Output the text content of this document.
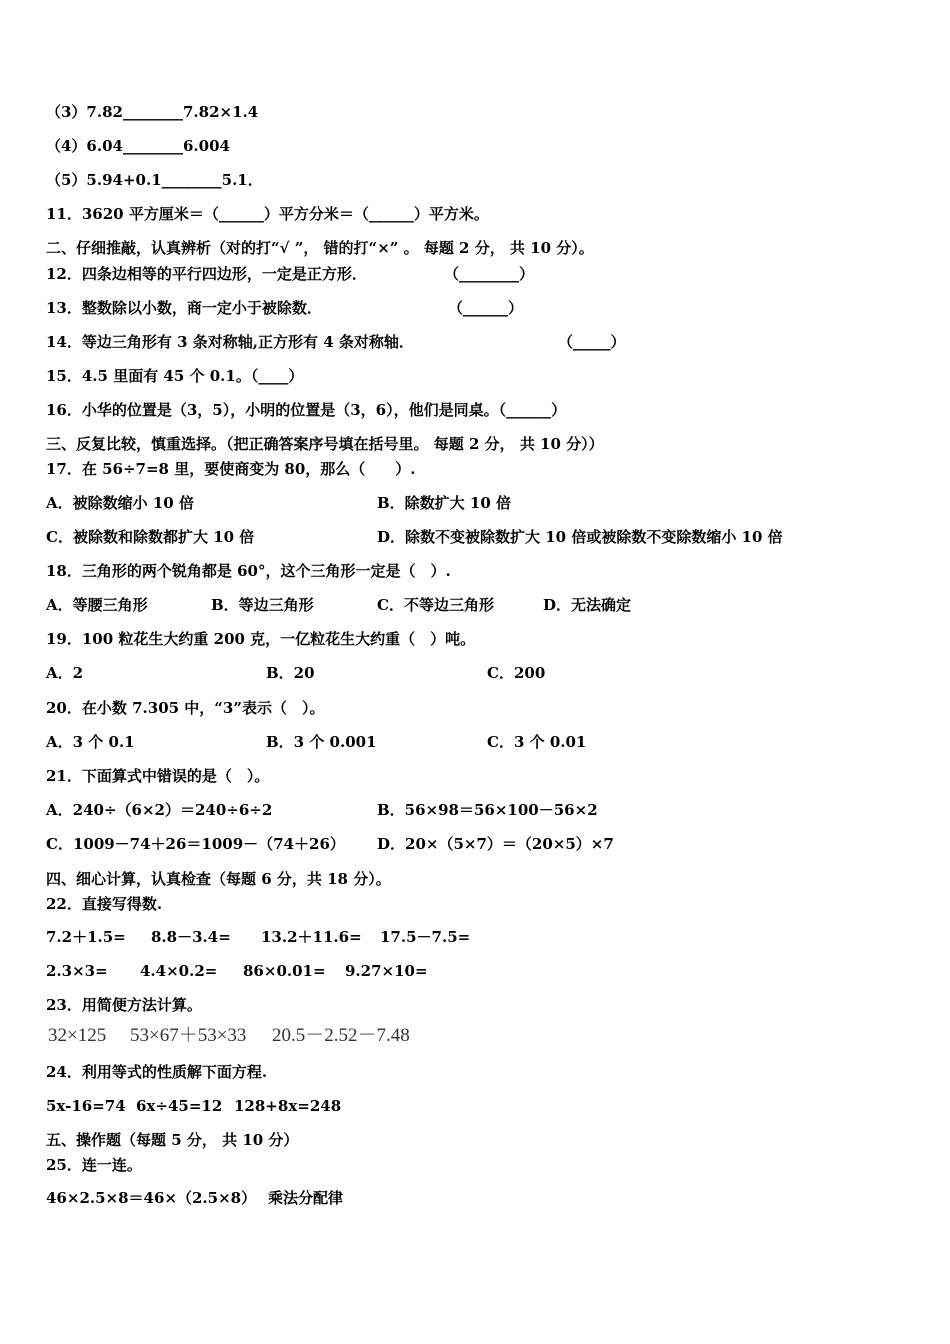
（3）7.82________7.82×1.4
（4）6.04________6.004
（5）5.94+0.1________5.1．
11．3620 平方厘米＝（______）平方分米＝（______）平方米。
二、仔细推敲，认真辨析（对的打“√ ”， 错的打“×” 。 每题 2 分， 共 10 分）。
12．四条边相等的平行四边形，一定是正方形．	（________）
13．整数除以小数，商一定小于被除数．	（______）
14．等边三角形有 3 条对称轴,正方形有 4 条对称轴．	（_____）
15．4.5 里面有 45 个 0.1。（____）
16．小华的位置是（3，5），小明的位置是（3，6），他们是同桌。（______）
三、反复比较，慎重选择。（把正确答案序号填在括号里。 每题 2 分， 共 10 分））
17．在 56÷7=8 里，要使商变为 80，那么（　　）.
A．被除数缩小 10 倍	B．除数扩大 10 倍
C．被除数和除数都扩大 10 倍	D．除数不变被除数扩大 10 倍或被除数不变除数缩小 10 倍
18．三角形的两个锐角都是 60°，这个三角形一定是（　）.
A．等腰三角形	B．等边三角形	C．不等边三角形	D．无法确定
19．100 粒花生大约重 200 克，一亿粒花生大约重（　）吨。
A．2	B．20	C．200
20．在小数 7.305 中，“3”表示（　）。
A．3 个 0.1	B．3 个 0.001	C．3 个 0.01
21．下面算式中错误的是（　）。
A．240÷（6×2）＝240÷6÷2	B．56×98＝56×100－56×2
C．1009－74＋26＝1009－（74＋26） D．20×（5×7）＝（20×5）×7
四、细心计算，认真检查（每题 6 分，共 18 分）。
22．直接写得数.
7.2＋1.5= 8.8－3.4= 13.2＋11.6= 17.5－7.5=
2.3×3= 4.4×0.2= 86×0.01= 9.27×10=
23．用简便方法计算。
32×125 53×67＋53×33 20.5－2.52－7.48
24．利用等式的性质解下面方程.
5x-16=74 6x÷45=12 128+8x=248
五、操作题（每题 5 分， 共 10 分）
25．连一连。
46×2.5×8＝46×（2.5×8） 乘法分配律
